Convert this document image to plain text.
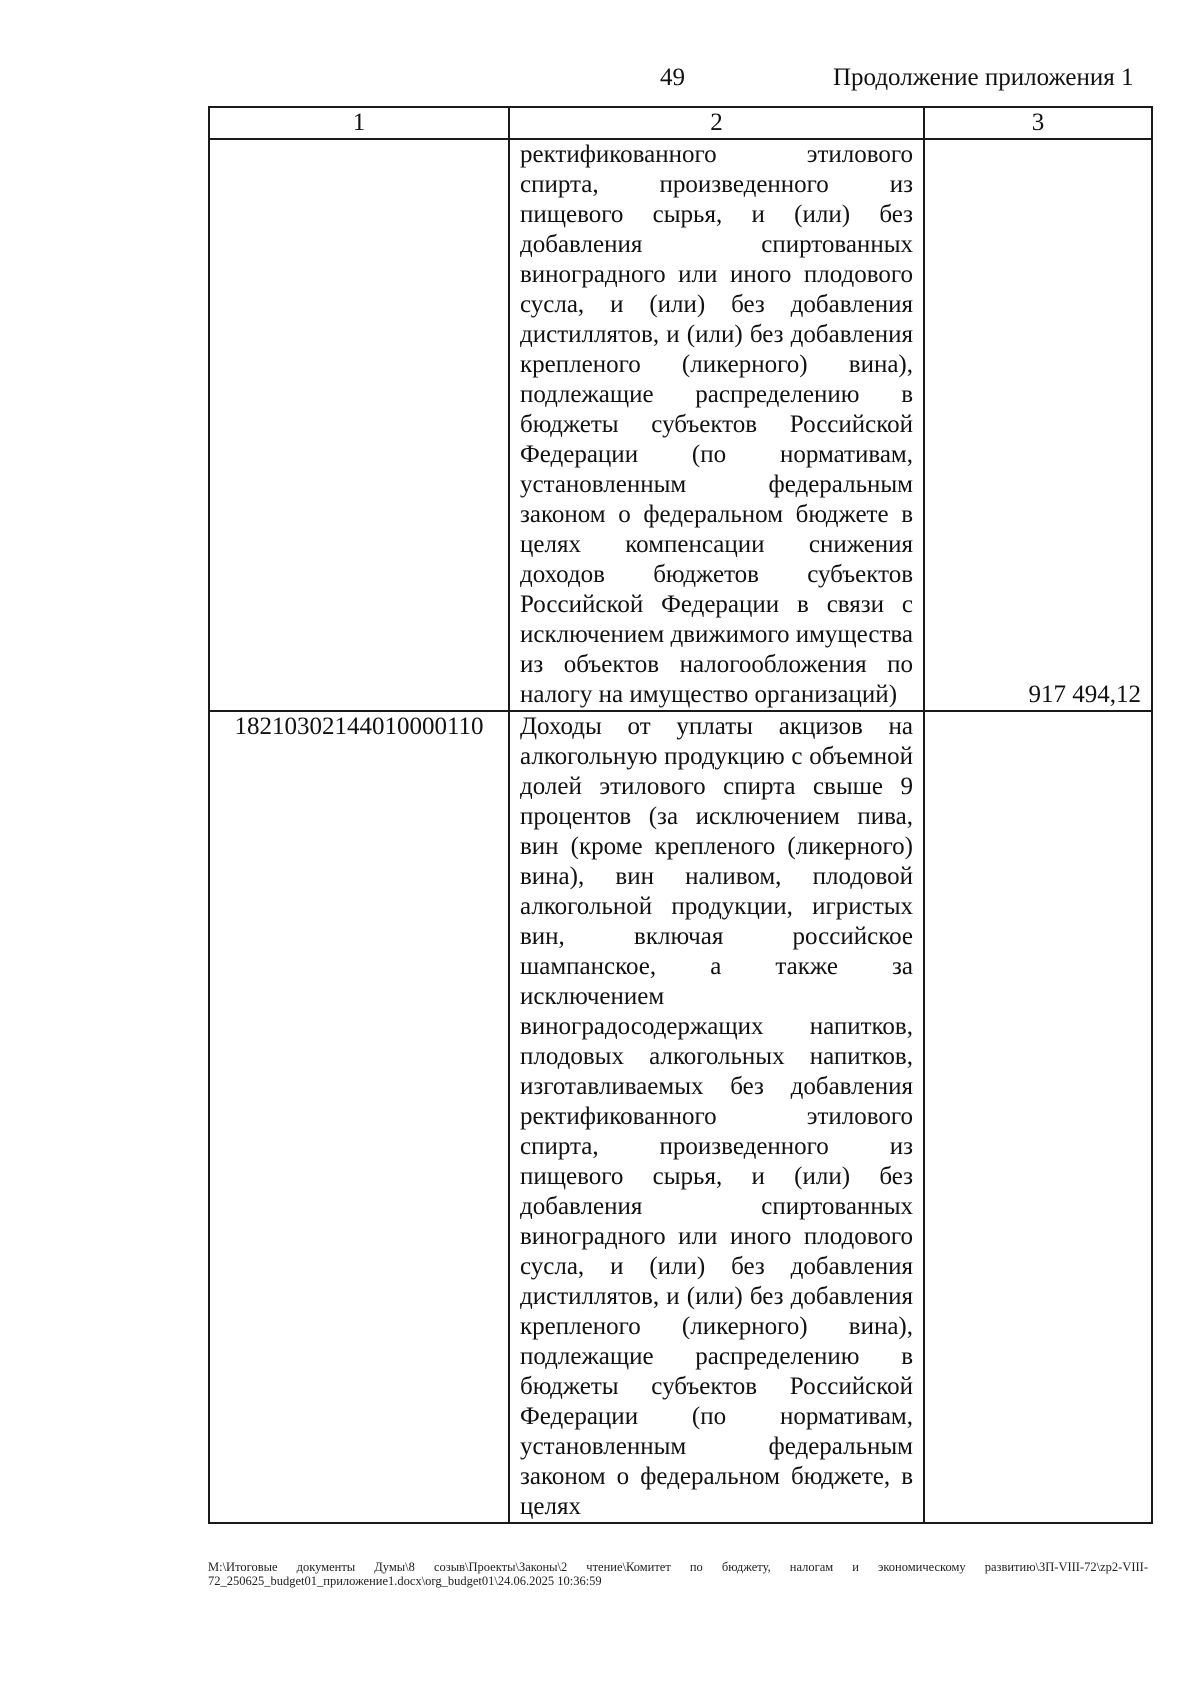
49	Продолжение приложения 1
1	2	3
	ректификованного этилового спирта, произведенного из пищевого сырья, и (или) без добавления спиртованных виноградного или иного плодового сусла, и (или) без добавления дистиллятов, и (или) без добавления крепленого (ликерного) вина), подлежащие распределению в бюджеты субъектов Российской Федерации (по нормативам, установленным федеральным законом о федеральном бюджете в целях компенсации снижения доходов бюджетов субъектов Российской Федерации в связи с исключением движимого имущества из объектов налогообложения по налогу на имущество организаций)	917 494,12
18210302144010000110	Доходы от уплаты акцизов на алкогольную продукцию с объемной долей этилового спирта свыше 9 процентов (за исключением пива, вин (кроме крепленого (ликерного) вина), вин наливом, плодовой алкогольной продукции, игристых вин, включая российское шампанское, а также за исключением виноградосодержащих напитков, плодовых алкогольных напитков, изготавливаемых без добавления ректификованного этилового спирта, произведенного из пищевого сырья, и (или) без добавления спиртованных виноградного или иного плодового сусла, и (или) без добавления дистиллятов, и (или) без добавления крепленого (ликерного) вина), подлежащие распределению в бюджеты субъектов Российской Федерации (по нормативам, установленным федеральным законом о федеральном бюджете, в целях	
M:\Итоговые документы Думы\8 созыв\Проекты\Законы\2 чтение\Комитет по бюджету, налогам и экономическому развитию\ЗП-VIII-72\zp2-VIII-72_250625_budget01_приложение1.docx\org_budget01\24.06.2025 10:36:59
